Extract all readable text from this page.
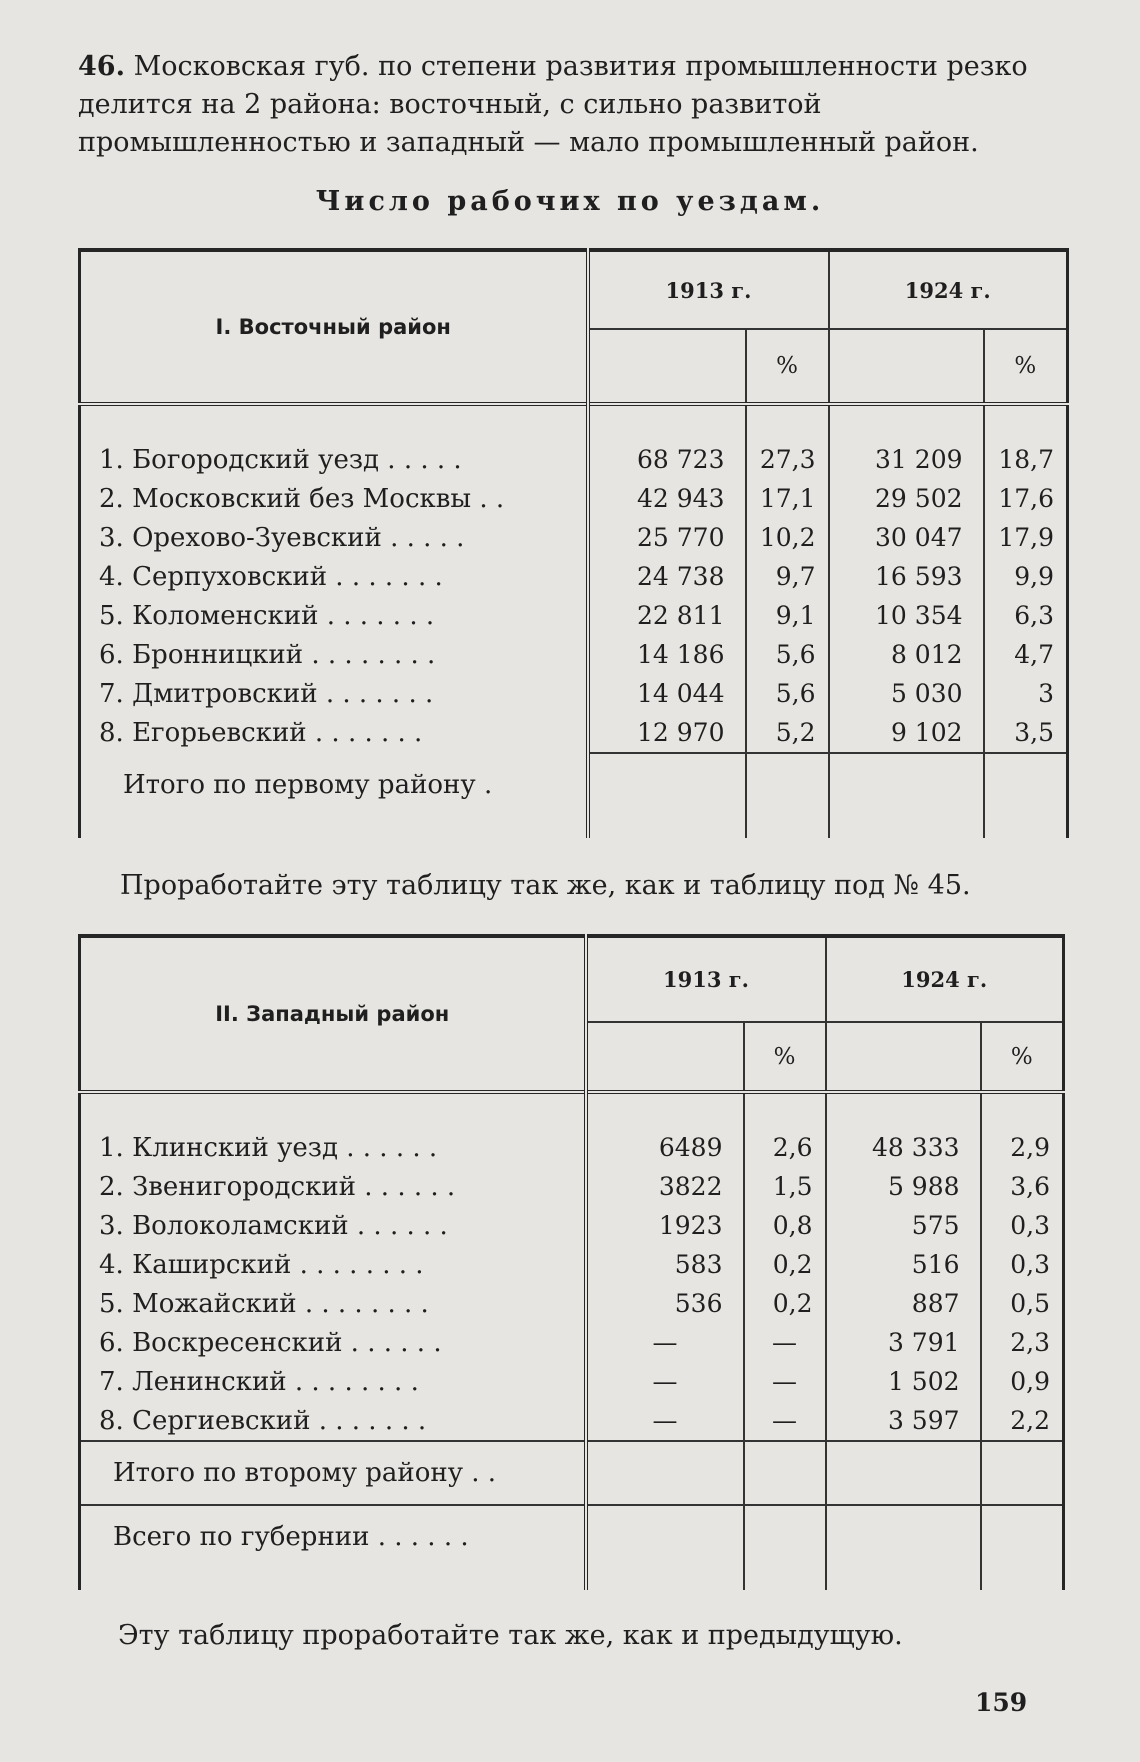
46. Московская губ. по степени развития промышленности резко делится на 2 района: восточный, с сильно развитой промышленностью и западный — мало промышленный район.

Число рабочих по уездам.

I. Восточный район	1913 г.		1924 г.	
		%		%

1. Богородский уезд . . . . .	68 723	27,3	31 209	18,7
2. Московский без Москвы . .	42 943	17,1	29 502	17,6
3. Орехово-Зуевский . . . . .	25 770	10,2	30 047	17,9
4. Серпуховский . . . . . . .	24 738	9,7	16 593	9,9
5. Коломенский . . . . . . .	22 811	9,1	10 354	6,3
6. Бронницкий . . . . . . . .	14 186	5,6	8 012	4,7
7. Дмитровский . . . . . . .	14 044	5,6	5 030	3
8. Егорьевский . . . . . . .	12 970	5,2	9 102	3,5
Итого по первому району .				

Проработайте эту таблицу так же, как и таблицу под № 45.

II. Западный район	1913 г.		1924 г.	
		%		%

1. Клинский уезд . . . . . .	6489	2,6	48 333	2,9
2. Звенигородский . . . . . .	3822	1,5	5 988	3,6
3. Волоколамский . . . . . .	1923	0,8	575	0,3
4. Каширский . . . . . . . .	583	0,2	516	0,3
5. Можайский . . . . . . . .	536	0,2	887	0,5
6. Воскресенский . . . . . .	—	—	3 791	2,3
7. Ленинский . . . . . . . .	—	—	1 502	0,9
8. Сергиевский . . . . . . .	—	—	3 597	2,2
Итого по второму району . .				
Всего по губернии . . . . . .				

Эту таблицу проработайте так же, как и предыдущую.

159
